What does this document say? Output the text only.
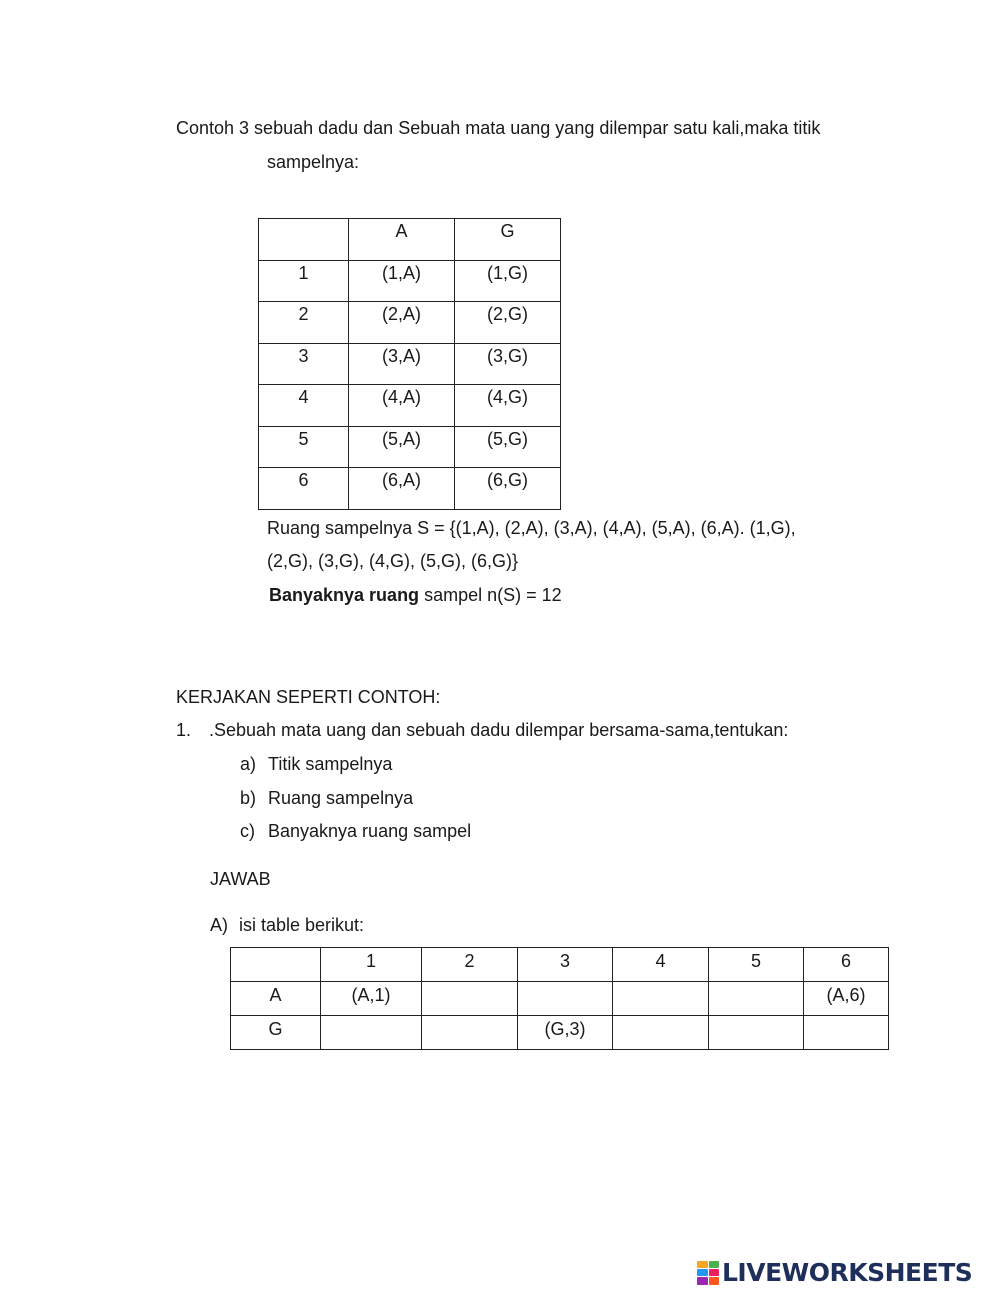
Contoh 3 sebuah dadu dan Sebuah mata uang yang dilempar satu kali,maka titik
sampelnya:
	A	G
1	(1,A)	(1,G)
2	(2,A)	(2,G)
3	(3,A)	(3,G)
4	(4,A)	(4,G)
5	(5,A)	(5,G)
6	(6,A)	(6,G)
Ruang sampelnya S = {(1,A), (2,A), (3,A), (4,A), (5,A), (6,A). (1,G),
(2,G), (3,G), (4,G), (5,G), (6,G)}
Banyaknya ruang sampel n(S) = 12
KERJAKAN SEPERTI CONTOH:
1. .Sebuah mata uang dan sebuah dadu dilempar bersama-sama,tentukan:
a) Titik sampelnya
b) Ruang sampelnya
c) Banyaknya ruang sampel
JAWAB
A) isi table berikut:
	1	2	3	4	5	6
A	(A,1)					(A,6)
G			(G,3)			
LIVEWORKSHEETS
